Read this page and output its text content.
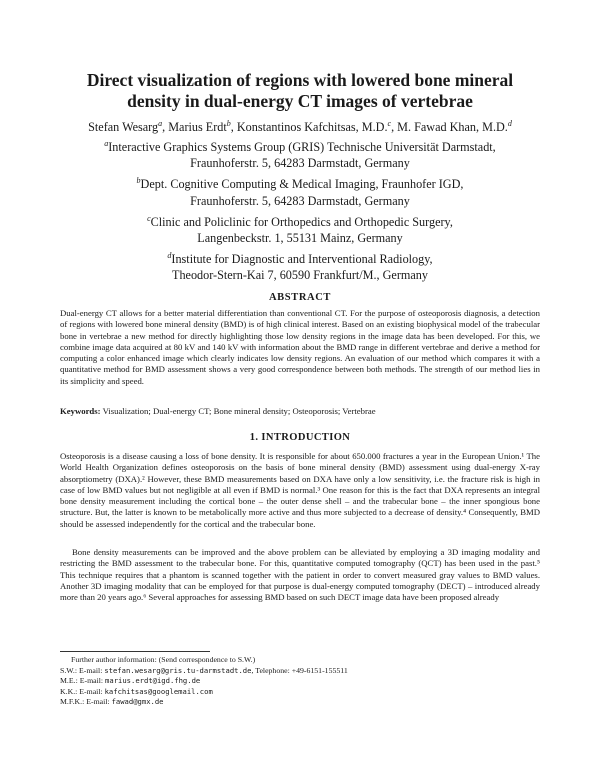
Direct visualization of regions with lowered bone mineral
density in dual-energy CT images of vertebrae
Stefan Wesarg$^a$, Marius Erdt$^b$, Konstantinos Kafchitsas, M.D.$^c$, M. Fawad Khan, M.D.$^d$

$^a$Interactive Graphics Systems Group (GRIS) Technische Universität Darmstadt,

Fraunhoferstr. 5, 64283 Darmstadt, Germany

$^b$Dept. Cognitive Computing & Medical Imaging, Fraunhofer IGD,

Fraunhoferstr. 5, 64283 Darmstadt, Germany

$^c$Clinic and Policlinic for Orthopedics and Orthopedic Surgery,

Langenbeckstr. 1, 55131 Mainz, Germany

$^d$Institute for Diagnostic and Interventional Radiology,

Theodor-Stern-Kai 7, 60590 Frankfurt/M., Germany

ABSTRACT
Dual-energy CT allows for a better material differentiation than conventional CT. For the purpose of osteoporosis diagnosis, a detection of regions with lowered bone mineral density (BMD) is of high clinical interest. Based on an existing biophysical model of the trabecular bone in vertebrae a new method for directly highlighting those low density regions in the image data has been developed. For this, we combine image data acquired at 80 kV and 140 kV with information about the BMD range in different vertebrae and derive a method for computing a color enhanced image which clearly indicates low density regions. An evaluation of our method which compares it with a quantitative method for BMD assessment shows a very good correspondence between both methods. The strength of our method lies in its simplicity and speed.
Keywords: Visualization; Dual-energy CT; Bone mineral density; Osteoporosis; Vertebrae
1. INTRODUCTION
Osteoporosis is a disease causing a loss of bone density. It is responsible for about 650.000 fractures a year in the European Union.¹ The World Health Organization defines osteoporosis on the basis of bone mineral density (BMD) assessment using dual-energy X-ray absorptiometry (DXA).² However, these BMD measurements based on DXA have only a low sensitivity, i.e. the fracture risk is high in case of low BMD values but not negligible at all even if BMD is normal.³ One reason for this is the fact that DXA represents an integral bone density measurement including the cortical bone – the outer dense shell – and the trabecular bone – the inner spongious bone structure. But, the latter is known to be metabolically more active and thus more subjected to a decrease of density.⁴ Consequently, BMD should be assessed independently for the cortical and the trabecular bone.
Bone density measurements can be improved and the above problem can be alleviated by employing a 3D imaging modality and restricting the BMD assessment to the trabecular bone. For this, quantitative computed tomography (QCT) has been used in the past.⁵ This technique requires that a phantom is scanned together with the patient in order to convert measured gray values to BMD values. Another 3D imaging modality that can be employed for that purpose is dual-energy computed tomography (DECT) – introduced already more than 20 years ago.⁶ Several approaches for assessing BMD based on such DECT image data have been proposed already

Further author information: (Send correspondence to S.W.)

S.W.: E-mail: stefan.wesarg@gris.tu-darmstadt.de, Telephone: +49-6151-155511

M.E.: E-mail: marius.erdt@igd.fhg.de

K.K.: E-mail: kafchitsas@googlemail.com

M.F.K.: E-mail: fawad@gmx.de
